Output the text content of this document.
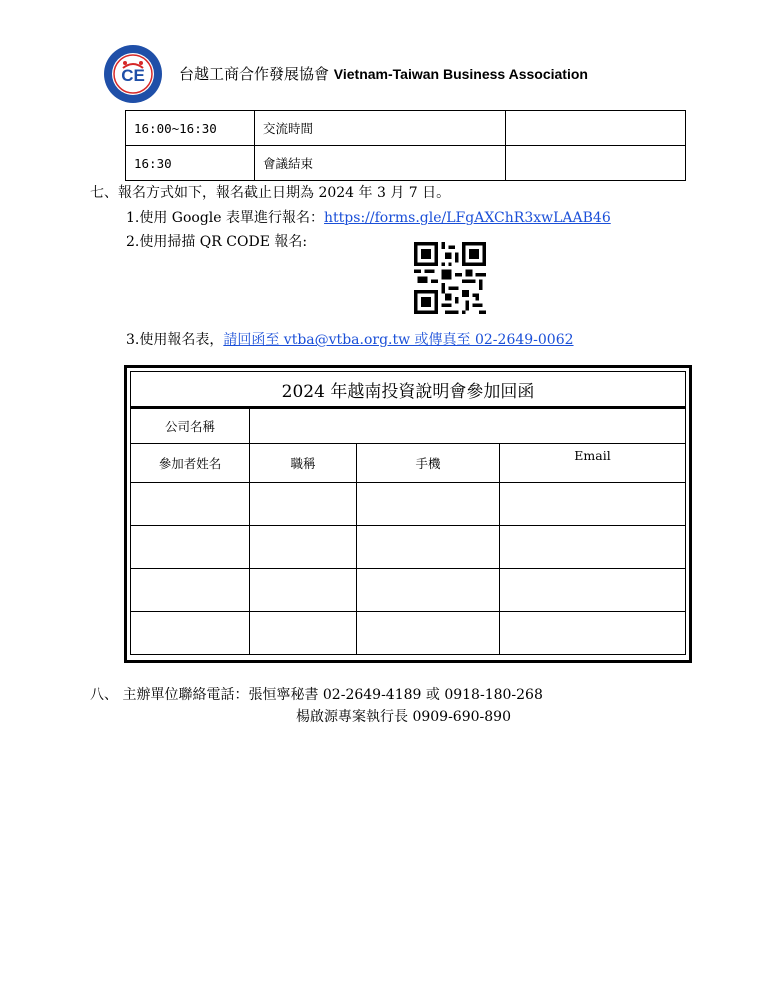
CE 台越工商合作發展協會 Vietnam-Taiwan Business Association
16:00~16:30	交流時間	
16:30	會議結束	
七、報名方式如下，報名截止日期為 2024 年 3 月 7 日。
1.使用 Google 表單進行報名：https://forms.gle/LFgAXChR3xwLAAB46
2.使用掃描 QR CODE 報名:
3.使用報名表，請回函至 vtba@vtba.org.tw 或傳真至 02-2649-0062
2024 年越南投資說明會參加回函			
公司名稱			
參加者姓名	職稱	手機	Email

八、 主辦單位聯絡電話：張恒寧秘書 02-2649-4189 或 0918-180-268
楊啟源專案執行長 0909-690-890
